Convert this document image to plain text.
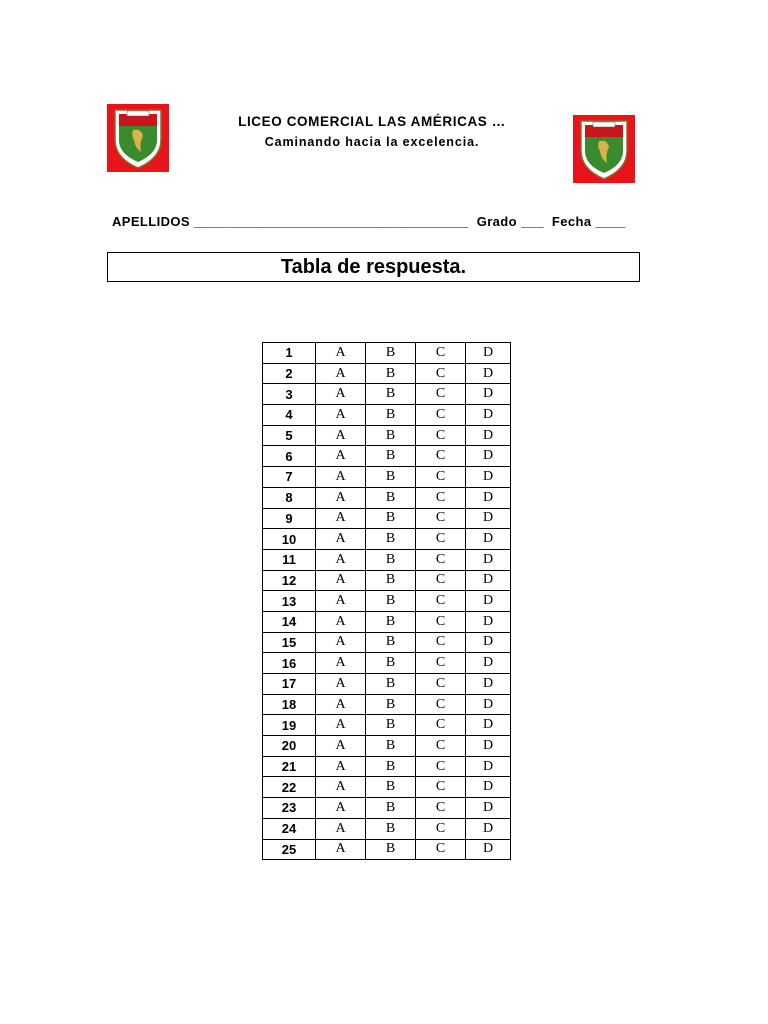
LICEO COMERCIAL LAS AMÉRICAS …
Caminando hacia la excelencia.
APELLIDOS ____________________________________  Grado ___  Fecha ____
Tabla de respuesta.
1	A	B	C	D
2	A	B	C	D
3	A	B	C	D
4	A	B	C	D
5	A	B	C	D
6	A	B	C	D
7	A	B	C	D
8	A	B	C	D
9	A	B	C	D
10	A	B	C	D
11	A	B	C	D
12	A	B	C	D
13	A	B	C	D
14	A	B	C	D
15	A	B	C	D
16	A	B	C	D
17	A	B	C	D
18	A	B	C	D
19	A	B	C	D
20	A	B	C	D
21	A	B	C	D
22	A	B	C	D
23	A	B	C	D
24	A	B	C	D
25	A	B	C	D
